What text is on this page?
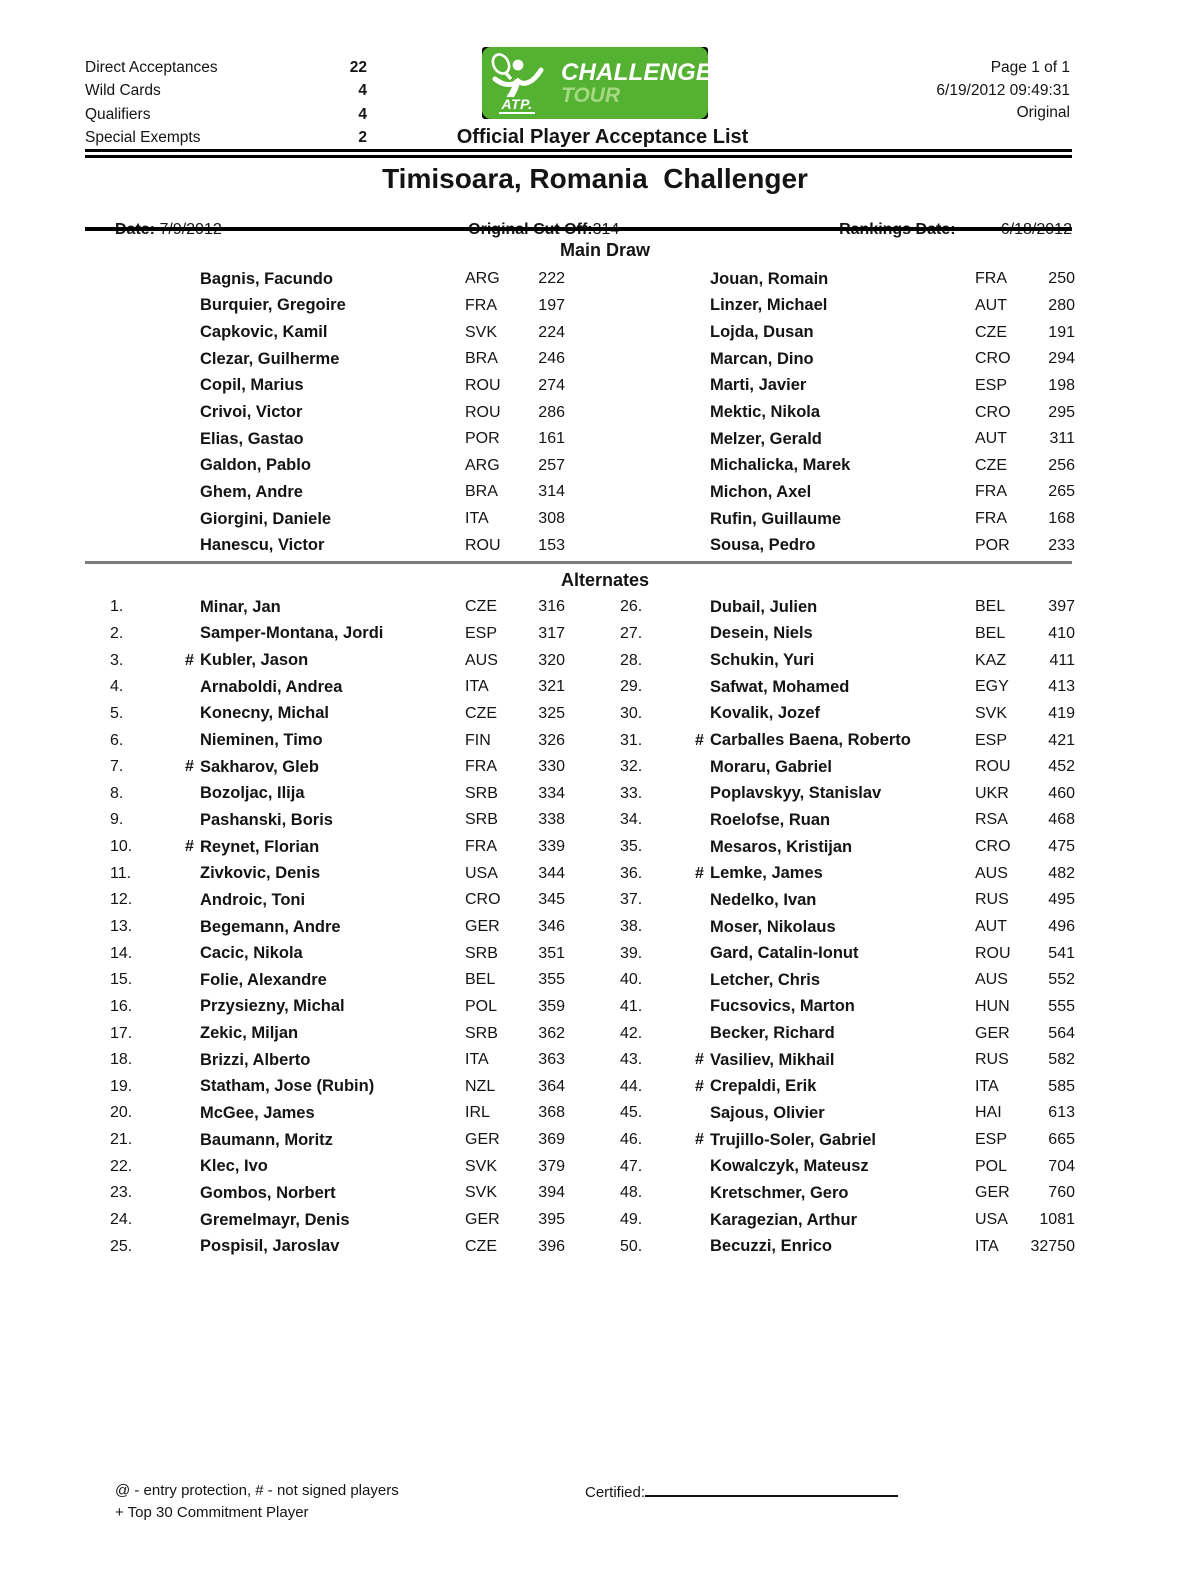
Direct Acceptances	22
Wild Cards	4
Qualifiers	4
Special Exempts	2
ATP.
CHALLENGER
TOUR
Official Player Acceptance List
Page 1 of 1
6/19/2012 09:49:31
Original
Timisoara, Romania  Challenger

Main Draw
Bagnis, Facundo	ARG	222
Burquier, Gregoire	FRA	197
Capkovic, Kamil	SVK	224
Clezar, Guilherme	BRA	246
Copil, Marius	ROU	274
Crivoi, Victor	ROU	286
Elias, Gastao	POR	161
Galdon, Pablo	ARG	257
Ghem, Andre	BRA	314
Giorgini, Daniele	ITA	308
Hanescu, Victor	ROU	153
Jouan, Romain	FRA	250
Linzer, Michael	AUT	280
Lojda, Dusan	CZE	191
Marcan, Dino	CRO	294
Marti, Javier	ESP	198
Mektic, Nikola	CRO	295
Melzer, Gerald	AUT	311
Michalicka, Marek	CZE	256
Michon, Axel	FRA	265
Rufin, Guillaume	FRA	168
Sousa, Pedro	POR	233
Alternates
1.	Minar, Jan	CZE	316
2.	Samper-Montana, Jordi	ESP	317
3.	# Kubler, Jason	AUS	320
4.	Arnaboldi, Andrea	ITA	321
5.	Konecny, Michal	CZE	325
6.	Nieminen, Timo	FIN	326
7.	# Sakharov, Gleb	FRA	330
8.	Bozoljac, Ilija	SRB	334
9.	Pashanski, Boris	SRB	338
10.	# Reynet, Florian	FRA	339
11.	Zivkovic, Denis	USA	344
12.	Androic, Toni	CRO	345
13.	Begemann, Andre	GER	346
14.	Cacic, Nikola	SRB	351
15.	Folie, Alexandre	BEL	355
16.	Przysiezny, Michal	POL	359
17.	Zekic, Miljan	SRB	362
18.	Brizzi, Alberto	ITA	363
19.	Statham, Jose (Rubin)	NZL	364
20.	McGee, James	IRL	368
21.	Baumann, Moritz	GER	369
22.	Klec, Ivo	SVK	379
23.	Gombos, Norbert	SVK	394
24.	Gremelmayr, Denis	GER	395
25.	Pospisil, Jaroslav	CZE	396
26.	Dubail, Julien	BEL	397
27.	Desein, Niels	BEL	410
28.	Schukin, Yuri	KAZ	411
29.	Safwat, Mohamed	EGY	413
30.	Kovalik, Jozef	SVK	419
31.	# Carballes Baena, Roberto	ESP	421
32.	Moraru, Gabriel	ROU	452
33.	Poplavskyy, Stanislav	UKR	460
34.	Roelofse, Ruan	RSA	468
35.	Mesaros, Kristijan	CRO	475
36.	# Lemke, James	AUS	482
37.	Nedelko, Ivan	RUS	495
38.	Moser, Nikolaus	AUT	496
39.	Gard, Catalin-Ionut	ROU	541
40.	Letcher, Chris	AUS	552
41.	Fucsovics, Marton	HUN	555
42.	Becker, Richard	GER	564
43.	# Vasiliev, Mikhail	RUS	582
44.	# Crepaldi, Erik	ITA	585
45.	Sajous, Olivier	HAI	613
46.	# Trujillo-Soler, Gabriel	ESP	665
47.	Kowalczyk, Mateusz	POL	704
48.	Kretschmer, Gero	GER	760
49.	Karagezian, Arthur	USA	1081
50.	Becuzzi, Enrico	ITA	32750
@ - entry protection, # - not signed players
+ Top 30 Commitment Player
Certified:
